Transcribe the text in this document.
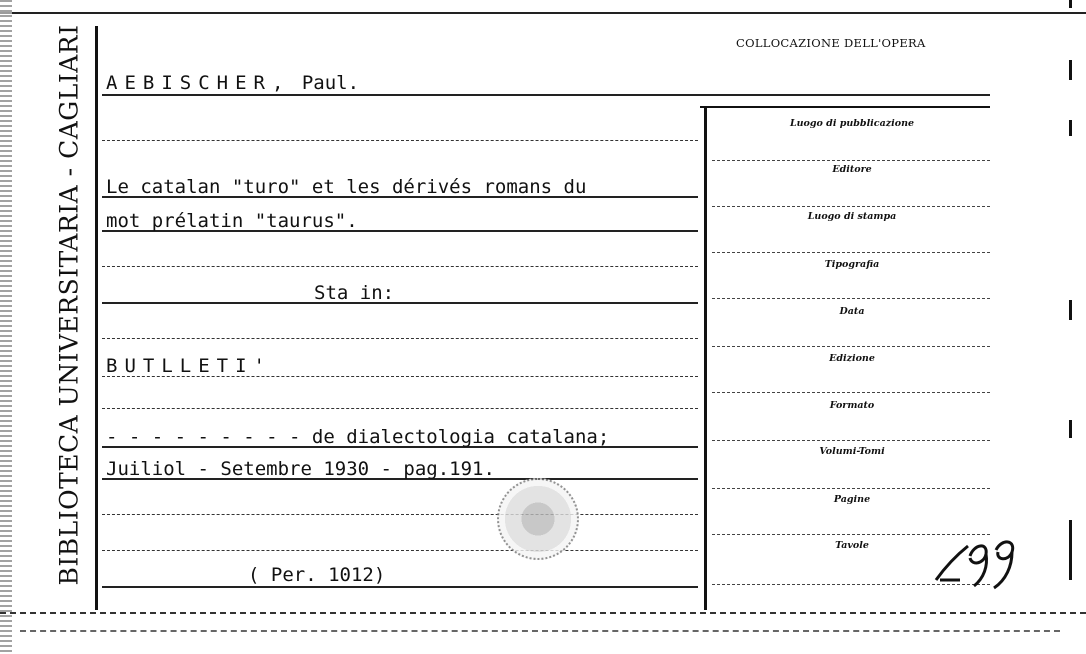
BIBLIOTECA UNIVERSITARIA - CAGLIARI	COLLOCAZIONE DELL'OPERA
AEBISCHER, Paul.
Le catalan "turo" et les dérivés romans du
mot prélatin "taurus".
Sta in:
BUTLLETI'
- - - - - - - - - de dialectologia catalana;
Juiliol - Setembre 1930 - pag.191.
( Per. 1012)
Luogo di pubblicazione
Editore
Luogo di stampa
Tipografia
Data
Edizione
Formato
Volumi-Tomi
Pagine
Tavole
